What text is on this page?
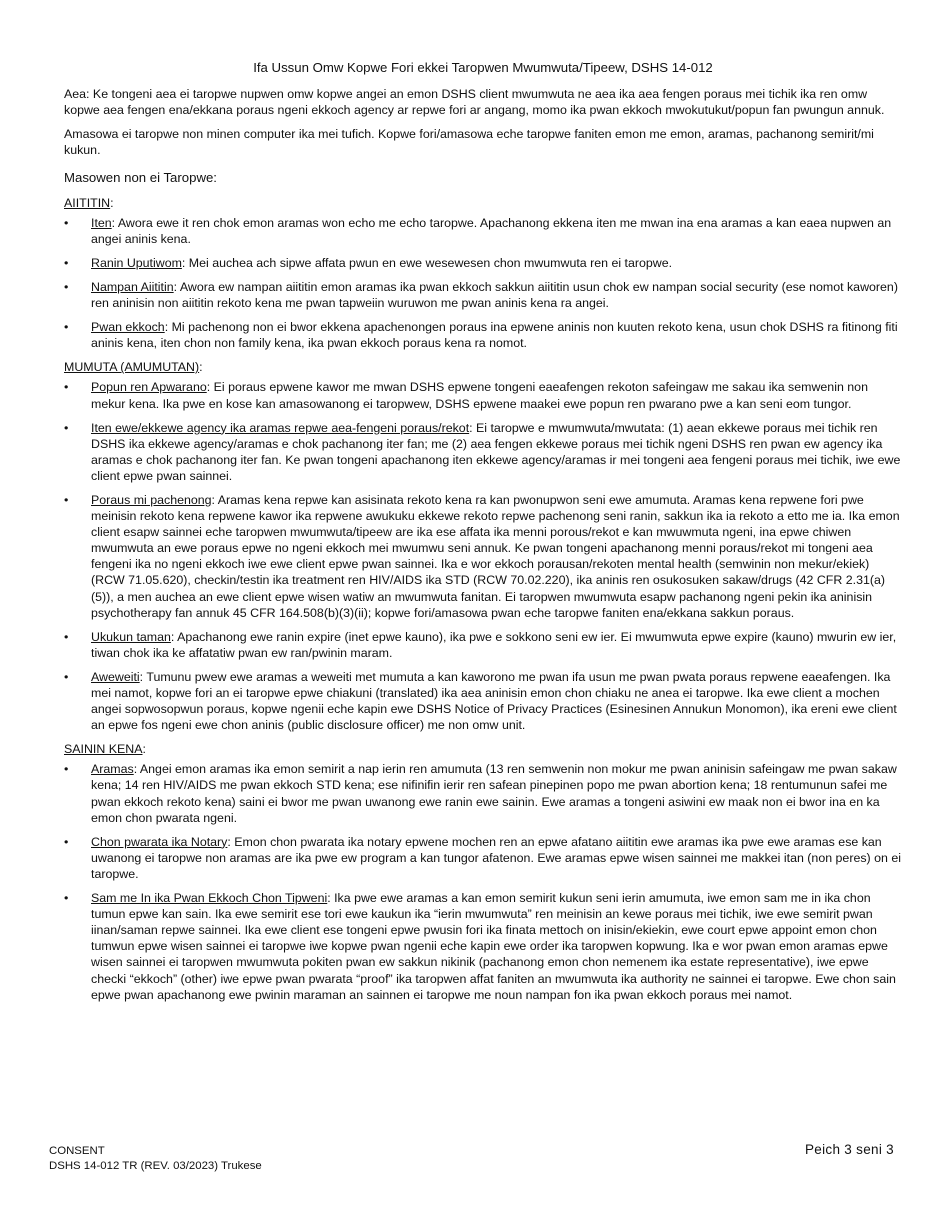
Ifa Ussun Omw Kopwe Fori ekkei Taropwen Mwumwuta/Tipeew, DSHS 14-012

Aea: Ke tongeni aea ei taropwe nupwen omw kopwe angei an emon DSHS client mwumwuta ne aea ika aea fengen poraus mei tichik ika ren omw kopwe aea fengen ena/ekkana poraus ngeni ekkoch agency ar repwe fori ar angang, momo ika pwan ekkoch mwokutukut/popun fan pwungun annuk.

Amasowa ei taropwe non minen computer ika mei tufich. Kopwe fori/amasowa eche taropwe faniten emon me emon, aramas, pachanong semirit/mi kukun.

Masowen non ei Taropwe:
AIITITIN:
• Iten: Awora ewe it ren chok emon aramas won echo me echo taropwe. Apachanong ekkena iten me mwan ina ena aramas a kan eaea nupwen an angei aninis kena.
• Ranin Uputiwom: Mei auchea ach sipwe affata pwun en ewe wesewesen chon mwumwuta ren ei taropwe.
• Nampan Aiititin: Awora ew nampan aiititin emon aramas ika pwan ekkoch sakkun aiititin usun chok ew nampan social security (ese nomot kaworen) ren aninisin non aiititin rekoto kena me pwan tapweiin wuruwon me pwan aninis kena ra angei.
• Pwan ekkoch: Mi pachenong non ei bwor ekkena apachenongen poraus ina epwene aninis non kuuten rekoto kena, usun chok DSHS ra fitinong fiti aninis kena, iten chon non family kena, ika pwan ekkoch poraus kena ra nomot.
MUMUTA (AMUMUTAN):
• Popun ren Apwarano: Ei poraus epwene kawor me mwan DSHS epwene tongeni eaeafengen rekoton safeingaw me sakau ika semwenin non mekur kena. Ika pwe en kose kan amasowanong ei taropwew, DSHS epwene maakei ewe popun ren pwarano pwe a kan seni eom tungor.
• Iten ewe/ekkewe agency ika aramas repwe aea-fengeni poraus/rekot: Ei taropwe e mwumwuta/mwutata: (1) aean ekkewe poraus mei tichik ren DSHS ika ekkewe agency/aramas e chok pachanong iter fan; me (2) aea fengen ekkewe poraus mei tichik ngeni DSHS ren pwan ew agency ika aramas e chok pachanong iter fan. Ke pwan tongeni apachanong iten ekkewe agency/aramas ir mei tongeni aea fengeni poraus mei tichik, iwe ewe client epwe pwan sainnei.
• Poraus mi pachenong: Aramas kena repwe kan asisinata rekoto kena ra kan pwonupwon seni ewe amumuta. Aramas kena repwene fori pwe meinisin rekoto kena repwene kawor ika repwene awukuku ekkewe rekoto repwe pachenong seni ranin, sakkun ika ia rekoto a etto me ia. Ika emon client esapw sainnei eche taropwen mwumwuta/tipeew are ika ese affata ika menni porous/rekot e kan mwuwmuta ngeni, ina epwe chiwen mwumwuta an ewe poraus epwe no ngeni ekkoch mei mwumwu seni annuk. Ke pwan tongeni apachanong menni poraus/rekot mi tongeni aea fengeni ika no ngeni ekkoch iwe ewe client epwe pwan sainnei. Ika e wor ekkoch porausan/rekoten mental health (semwinin non mekur/ekiek) (RCW 71.05.620), checkin/testin ika treatment ren HIV/AIDS ika STD (RCW 70.02.220), ika aninis ren osukosuken sakaw/drugs (42 CFR 2.31(a)(5)), a men auchea an ewe client epwe wisen watiw an mwumwuta fanitan. Ei taropwen mwumwuta esapw pachanong ngeni pekin ika aninisin psychotherapy fan annuk 45 CFR 164.508(b)(3)(ii); kopwe fori/amasowa pwan eche taropwe faniten ena/ekkana sakkun poraus.
• Ukukun taman: Apachanong ewe ranin expire (inet epwe kauno), ika pwe e sokkono seni ew ier. Ei mwumwuta epwe expire (kauno) mwurin ew ier, tiwan chok ika ke affatatiw pwan ew ran/pwinin maram.
• Aweweiti: Tumunu pwew ewe aramas a weweiti met mumuta a kan kaworono me pwan ifa usun me pwan pwata poraus repwene eaeafengen. Ika mei namot, kopwe fori an ei taropwe epwe chiakuni (translated) ika aea aninisin emon chon chiaku ne anea ei taropwe. Ika ewe client a mochen angei sopwosopwun poraus, kopwe ngenii eche kapin ewe DSHS Notice of Privacy Practices (Esinesinen Annukun Monomon), ika ereni ewe client an epwe fos ngeni ewe chon aninis (public disclosure officer) me non omw unit.
SAININ KENA:
• Aramas: Angei emon aramas ika emon semirit a nap ierin ren amumuta (13 ren semwenin non mokur me pwan aninisin safeingaw me pwan sakaw kena; 14 ren HIV/AIDS me pwan ekkoch STD kena; ese nifinifin ierir ren safean pinepinen popo me pwan abortion kena; 18 rentumunun safei me pwan ekkoch rekoto kena) saini ei bwor me pwan uwanong ewe ranin ewe sainin. Ewe aramas a tongeni asiwini ew maak non ei bwor ina en ka emon chon pwarata ngeni.
• Chon pwarata ika Notary: Emon chon pwarata ika notary epwene mochen ren an epwe afatano aiititin ewe aramas ika pwe ewe aramas ese kan uwanong ei taropwe non aramas are ika pwe ew program a kan tungor afatenon. Ewe aramas epwe wisen sainnei me makkei itan (non peres) on ei taropwe.
• Sam me In ika Pwan Ekkoch Chon Tipweni: Ika pwe ewe aramas a kan emon semirit kukun seni ierin amumuta, iwe emon sam me in ika chon tumun epwe kan sain. Ika ewe semirit ese tori ewe kaukun ika “ierin mwumwuta” ren meinisin an kewe poraus mei tichik, iwe ewe semirit pwan iinan/saman repwe sainnei. Ika ewe client ese tongeni epwe pwusin fori ika finata mettoch on inisin/ekiekin, ewe court epwe appoint emon chon tumwun epwe wisen sainnei ei taropwe iwe kopwe pwan ngenii eche kapin ewe order ika taropwen kopwung. Ika e wor pwan emon aramas epwe wisen sainnei ei taropwen mwumwuta pokiten pwan ew sakkun nikinik (pachanong emon chon nemenem ika estate representative), iwe epwe checki “ekkoch” (other) iwe epwe pwan pwarata “proof” ika taropwen affat faniten an mwumwuta ika authority ne sainnei ei taropwe. Ewe chon sain epwe pwan apachanong ewe pwinin maraman an sainnen ei taropwe me noun nampan fon ika pwan ekkoch poraus mei namot.
CONSENT
DSHS 14-012 TR (REV. 03/2023) Trukese
Peich 3 seni 3
